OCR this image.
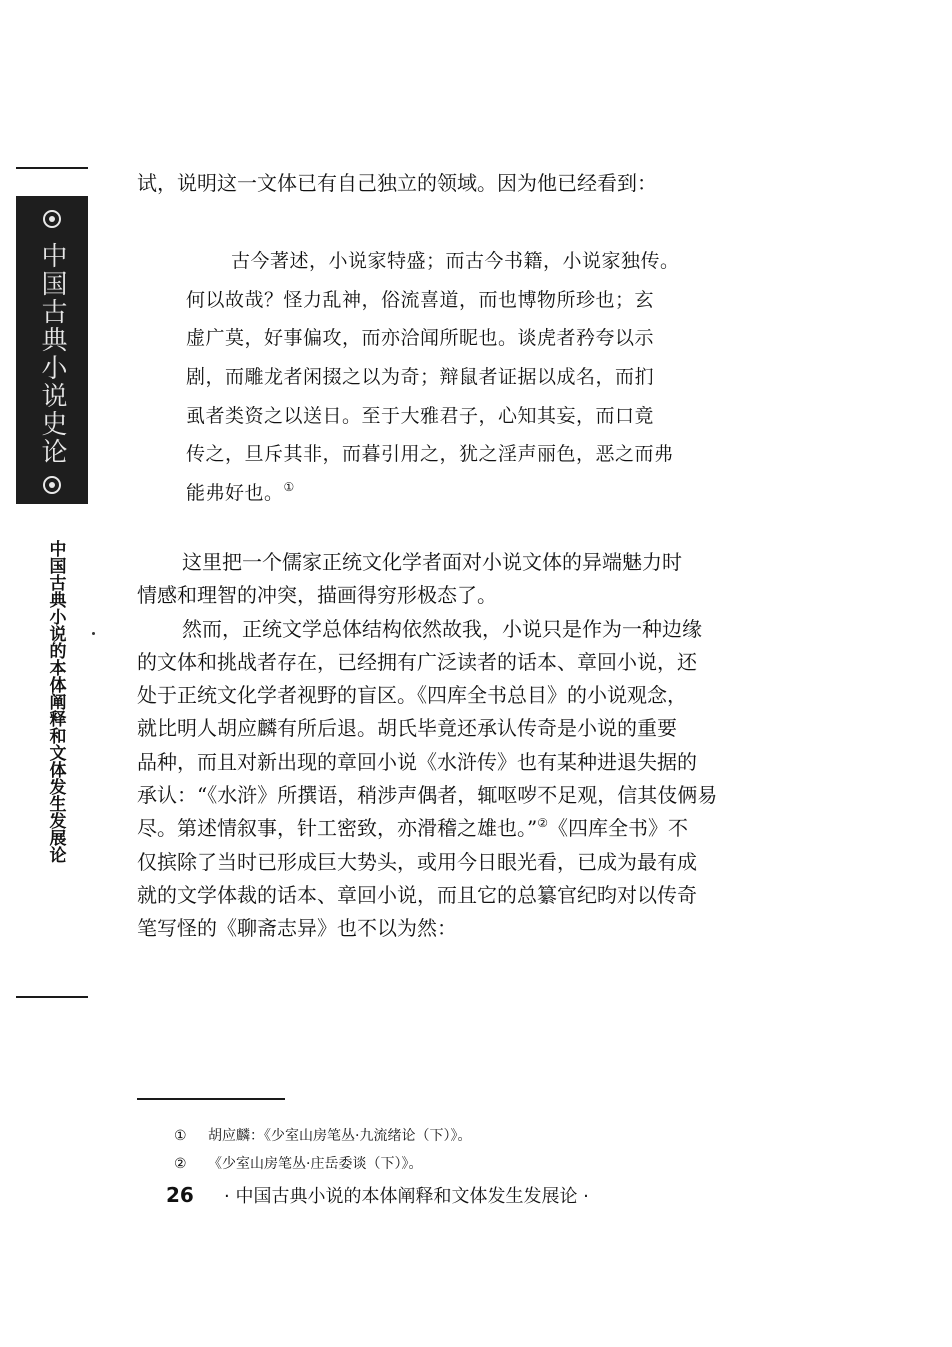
中国古典小说史论
中国古典小说的本体阐释和文体发生发展论

试，说明这一文体已有自己独立的领域。因为他已经看到：

古今著述，小说家特盛；而古今书籍，小说家独传。

何以故哉？怪力乱神，俗流喜道，而也博物所珍也；玄

虚广莫，好事偏攻，而亦洽闻所昵也。谈虎者矜夸以示

剧，而雕龙者闲掇之以为奇；辩鼠者证据以成名，而扪

虱者类资之以送日。至于大雅君子，心知其妄，而口竟

传之，旦斥其非，而暮引用之，犹之淫声丽色，恶之而弗

能弗好也。①

这里把一个儒家正统文化学者面对小说文体的异端魅力时

情感和理智的冲突，描画得穷形极态了。

然而，正统文学总体结构依然故我，小说只是作为一种边缘

的文体和挑战者存在，已经拥有广泛读者的话本、章回小说，还

处于正统文化学者视野的盲区。《四库全书总目》的小说观念，

就比明人胡应麟有所后退。胡氏毕竟还承认传奇是小说的重要

品种，而且对新出现的章回小说《水浒传》也有某种进退失据的

承认：“《水浒》所撰语，稍涉声偶者，辄呕哕不足观，信其伎俩易

尽。第述情叙事，针工密致，亦滑稽之雄也。”②《四库全书》不

仅摈除了当时已形成巨大势头，或用今日眼光看，已成为最有成

就的文学体裁的话本、章回小说，而且它的总纂官纪昀对以传奇

笔写怪的《聊斋志异》也不以为然：

① 胡应麟：《少室山房笔丛·九流绪论（下）》。
② 《少室山房笔丛·庄岳委谈（下）》。
26 · 中国古典小说的本体阐释和文体发生发展论 ·
